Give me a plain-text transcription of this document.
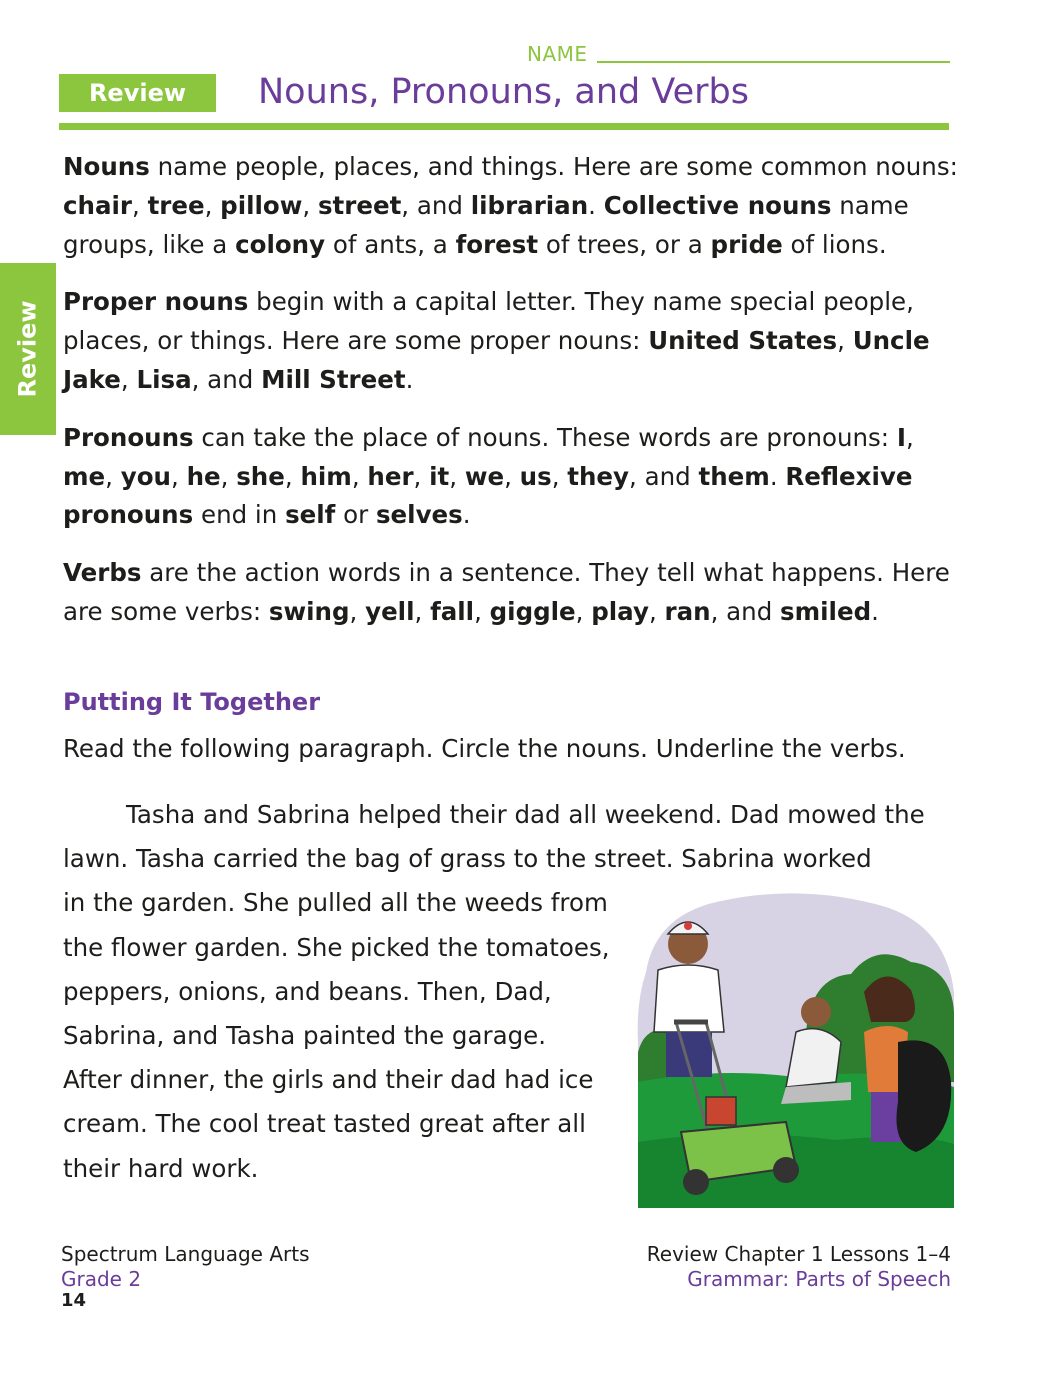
NAME
Review	Nouns, Pronouns, and Verbs
Review

Nouns name people, places, and things. Here are some common nouns: chair, tree, pillow, street, and librarian. Collective nouns name groups, like a colony of ants, a forest of trees, or a pride of lions.

Proper nouns begin with a capital letter. They name special people, places, or things. Here are some proper nouns: United States, Uncle Jake, Lisa, and Mill Street.

Pronouns can take the place of nouns. These words are pronouns: I, me, you, he, she, him, her, it, we, us, they, and them. Reflexive pronouns end in self or selves.

Verbs are the action words in a sentence. They tell what happens. Here are some verbs: swing, yell, fall, giggle, play, ran, and smiled.

Putting It Together
Read the following paragraph. Circle the nouns. Underline the verbs.
Tasha and Sabrina helped their dad all weekend. Dad mowed the lawn. Tasha carried the bag of grass to the street. Sabrina worked
in the garden. She pulled all the weeds from
the flower garden. She picked the tomatoes,
peppers, onions, and beans. Then, Dad,
Sabrina, and Tasha painted the garage.
After dinner, the girls and their dad had ice
cream. The cool treat tasted great after all
their hard work.
Spectrum Language Arts
Grade 2
14
Review Chapter 1 Lessons 1–4
Grammar: Parts of Speech
